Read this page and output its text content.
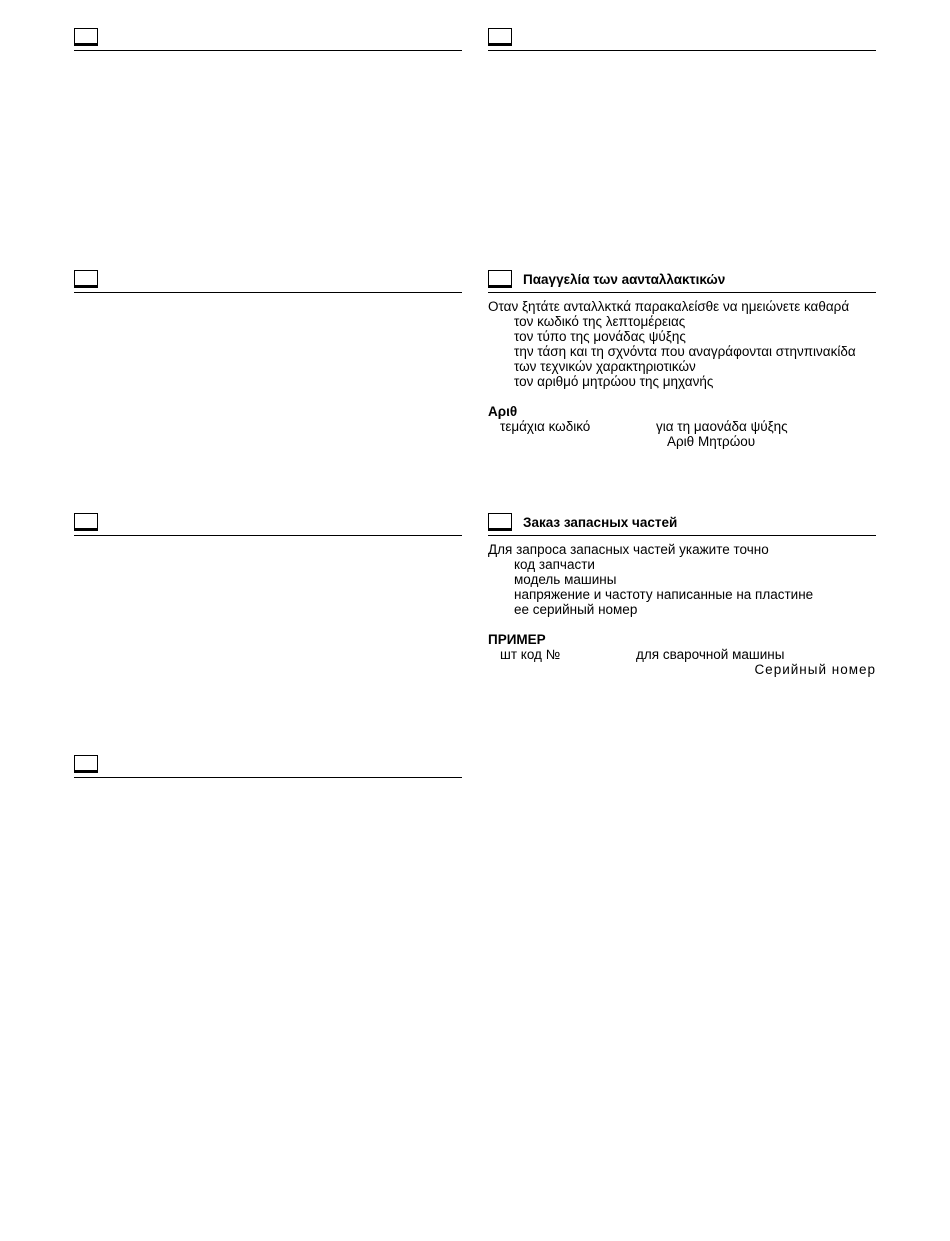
Παaγγελία των aανταλλακτικών
Οταν ξητάτε ανταλλκτκά παρακαλείσθε να ημειώνετε καθαρά
τον κωδικό της λεπτομέρειας
τον τύπο της μονάδας ψύξης
την τάση και τη σχνόντα που αναγράφονται στηνπινακίδα
των τεχνικών χαρακτηριοτικών
τον αριθμό μητρώου της μηχανής
Αριθ
τεμάχια κωδικό	για τη μαονάδα ψύξης
Αριθ Μητρώου
Заказ запасных частей
Для запроса запасных частей укажите точно
код запчасти
модель машины
напряжение и частоту написанные на пластине
ее серийный номер
ПРИМЕР
шт код №	для сварочной машины
Серийный номер
